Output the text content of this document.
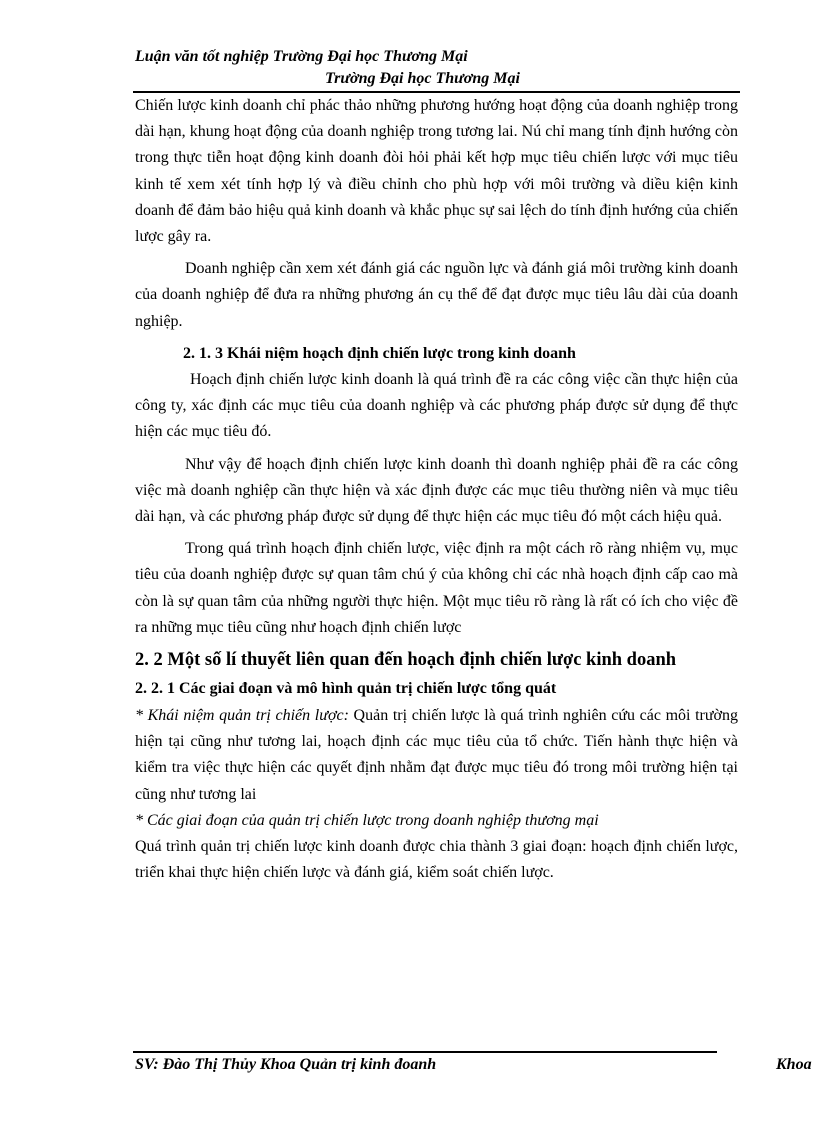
Luận văn tốt nghiệp Trường Đại học Thương Mại
Trường Đại học Thương Mại

Chiến lược kinh doanh chỉ phác thảo những phương hướng hoạt động của doanh nghiệp trong dài hạn, khung hoạt động của doanh nghiệp trong tương lai. Nú chỉ mang tính định hướng còn trong thực tiễn hoạt động kinh doanh đòi hỏi phải kết hợp mục tiêu chiến lược với mục tiêu kinh tế xem xét tính hợp lý và điều chỉnh cho phù hợp với môi trường và diều kiện kinh doanh để đảm bảo hiệu quả kinh doanh và khắc phục sự sai lệch do tính định hướng của chiến lược gây ra.

Doanh nghiệp cần xem xét đánh giá các nguồn lực và đánh giá môi trường kinh doanh của doanh nghiệp để đưa ra những phương án cụ thể để đạt được mục tiêu lâu dài của doanh nghiệp.

2. 1. 3 Khái niệm hoạch định chiến lược trong kinh doanh

Hoạch định chiến lược kinh doanh là quá trình đề ra các công việc cần thực hiện của công ty, xác định các mục tiêu của doanh nghiệp và các phương pháp được sử dụng để thực hiện các mục tiêu đó.

Như vậy để hoạch định chiến lược kinh doanh thì doanh nghiệp phải đề ra các công việc mà doanh nghiệp cần thực hiện và xác định được các mục tiêu thường niên và mục tiêu dài hạn, và các phương pháp được sử dụng để thực hiện các mục tiêu đó một cách hiệu quả.

Trong quá trình hoạch định chiến lược, việc định ra một cách rõ ràng nhiệm vụ, mục tiêu của doanh nghiệp được sự quan tâm chú ý của không chỉ các nhà hoạch định cấp cao mà còn là sự quan tâm của những người thực hiện. Một mục tiêu rõ ràng là rất có ích cho việc đề ra những mục tiêu cũng như hoạch định chiến lược

2. 2 Một số lí thuyết liên quan đến hoạch định chiến lược kinh doanh

2. 2. 1 Các giai đoạn và mô hình quản trị chiến lược tổng quát

* Khái niệm quản trị chiến lược: Quản trị chiến lược là quá trình nghiên cứu các môi trường hiện tại cũng như tương lai, hoạch định các mục tiêu của tổ chức. Tiến hành thực hiện và kiểm tra việc thực hiện các quyết định nhằm đạt được mục tiêu đó trong môi trường hiện tại cũng như tương lai

* Các giai đoạn của quản trị chiến lược trong doanh nghiệp thương mại

Quá trình quản trị chiến lược kinh doanh được chia thành 3 giai đoạn: hoạch định chiến lược, triển khai thực hiện chiến lược và đánh giá, kiểm soát chiến lược.

SV: Đào Thị Thủy Khoa Quản trị kinh đoanh	Khoa
